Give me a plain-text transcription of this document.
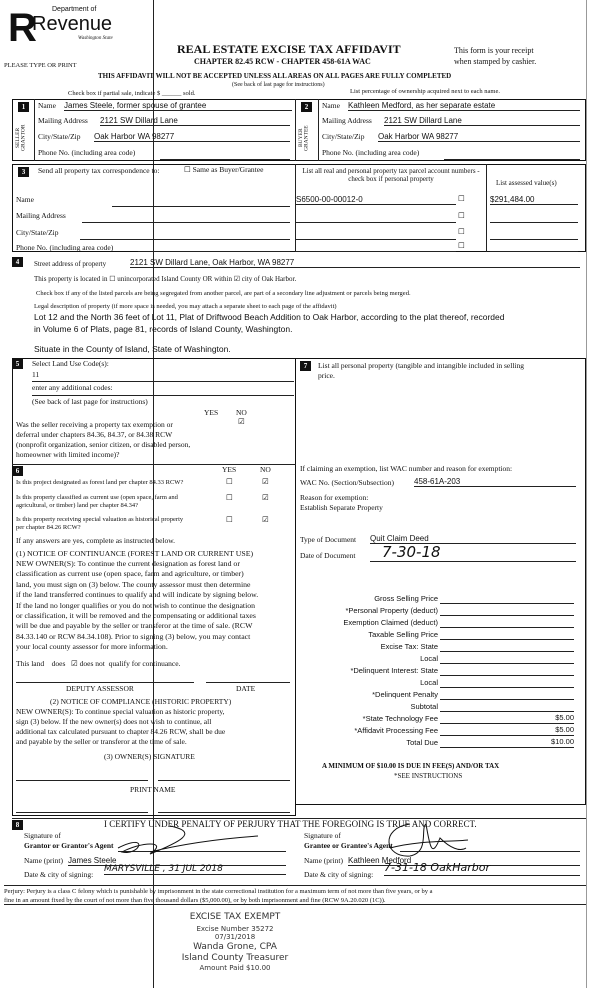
R Department of
Revenue
Washington State
PLEASE TYPE OR PRINT
REAL ESTATE EXCISE TAX AFFIDAVIT
CHAPTER 82.45 RCW - CHAPTER 458-61A WAC
This form is your receipt
when stamped by cashier.
THIS AFFIDAVIT WILL NOT BE ACCEPTED UNLESS ALL AREAS ON ALL PAGES ARE FULLY COMPLETED
(See back of last page for instructions)
Check box if partial sale, indicate $ ______ sold.	List percentage of ownership acquired next to each name.
1	2
SELLER GRANTOR	BUYER GRANTEE
Name James Steele, former spouse of grantee
Mailing Address 2121 SW Dillard Lane
City/State/Zip Oak Harbor WA 98277
Phone No. (including area code)
Name Kathleen Medford, as her separate estate
Mailing Address 2121 SW Dillard Lane
City/State/Zip Oak Harbor WA 98277
Phone No. (including area code)
3	Send all property tax correspondence to:	☐ Same as Buyer/Grantee
Name
Mailing Address
City/State/Zip
Phone No. (including area code)
List all real and personal property tax parcel account numbers - check box if personal property	List assessed value(s)
S6500-00-00012-0	$291,484.00
☐
☐
☐
☐
4	Street address of property	2121 SW Dillard Lane, Oak Harbor, WA 98277
This property is located in ☐ unincorporated Island County OR within ☑ city of Oak Harbor.
Check box if any of the listed parcels are being segregated from another parcel, are part of a secondary line adjustment or parcels being merged.
Legal description of property (if more space is needed, you may attach a separate sheet to each page of the affidavit)
Lot 12 and the North 36 feet of Lot 11, Plat of Driftwood Beach Addition to Oak Harbor, according to the plat thereof, recorded
in Volume 6 of Plats, page 81, records of Island County, Washington.
Situate in the County of Island, State of Washington.
5	Select Land Use Code(s):
11
enter any additional codes:
(See back of last page for instructions)
YES NO
☑
Was the seller receiving a property tax exemption or
deferral under chapters 84.36, 84.37, or 84.38 RCW
(nonprofit organization, senior citizen, or disabled person,
homeowner with limited income)?
6	YES	NO
Is this project designated as forest land per chapter 84.33 RCW?	☐	☑
Is this property classified as current use (open space, farm and
agricultural, or timber) land per chapter 84.34?
☐	☑
Is this property receiving special valuation as historical property
per chapter 84.26 RCW?
☐	☑
If any answers are yes, complete as instructed below.
(1) NOTICE OF CONTINUANCE (FOREST LAND OR CURRENT USE)
NEW OWNER(S): To continue the current designation as forest land or
classification as current use (open space, farm and agriculture, or timber)
land, you must sign on (3) below. The county assessor must then determine
if the land transferred continues to qualify and will indicate by signing below.
If the land no longer qualifies or you do not wish to continue the designation
or classification, it will be removed and the compensating or additional taxes
will be due and payable by the seller or transferor at the time of sale. (RCW
84.33.140 or RCW 84.34.108). Prior to signing (3) below, you may contact
your local county assessor for more information.
This land does ☑ does not qualify for continuance.
DEPUTY ASSESSOR	DATE
(2) NOTICE OF COMPLIANCE (HISTORIC PROPERTY)
NEW OWNER(S): To continue special valuation as historic property,
sign (3) below. If the new owner(s) does not wish to continue, all
additional tax calculated pursuant to chapter 84.26 RCW, shall be due
and payable by the seller or transferor at the time of sale.
(3) OWNER(S) SIGNATURE
PRINT NAME
7	List all personal property (tangible and intangible included in selling
price.
If claiming an exemption, list WAC number and reason for exemption:
WAC No. (Section/Subsection)	458-61A-203
Reason for exemption:
Establish Separate Property
Type of Document Quit Claim Deed
Date of Document	7-30-18
Gross Selling Price
*Personal Property (deduct)
Exemption Claimed (deduct)
Taxable Selling Price
Excise Tax: State
Local
*Delinquent Interest: State
Local
*Delinquent Penalty
Subtotal
*State Technology Fee	$5.00
*Affidavit Processing Fee	$5.00
Total Due	$10.00
A MINIMUM OF $10.00 IS DUE IN FEE(S) AND/OR TAX
*SEE INSTRUCTIONS
8	I CERTIFY UNDER PENALTY OF PERJURY THAT THE FOREGOING IS TRUE AND CORRECT.
Signature of
Grantor or Grantor's Agent
Name (print) James Steele
Date & city of signing:
MARYSVILLE , 31 JUL 2018
Signature of
Grantee or Grantee's Agent
Name (print) Kathleen Medford
Date & city of signing:
7-31-18 OakHarbor
Perjury: Perjury is a class C felony which is punishable by imprisonment in the state correctional institution for a maximum term of not more than five years, or by a
fine in an amount fixed by the court of not more than five thousand dollars ($5,000.00), or by both imprisonment and fine (RCW 9A.20.020 (1C)).
EXCISE TAX EXEMPT
Excise Number 35272
07/31/2018
Wanda Grone, CPA
Island County Treasurer
Amount Paid $10.00
